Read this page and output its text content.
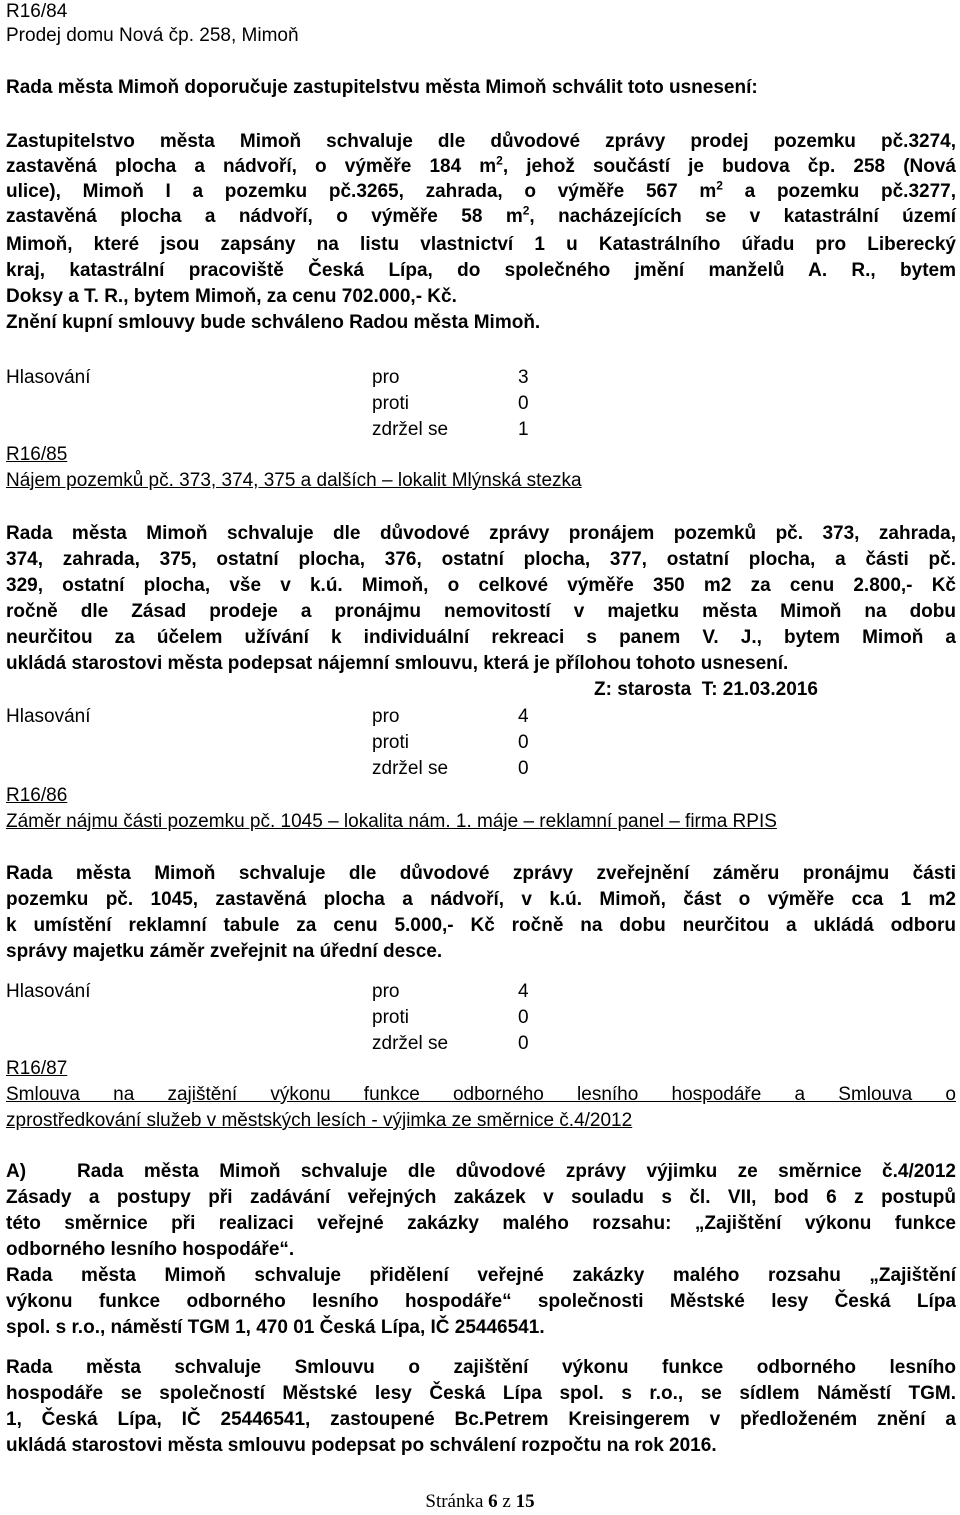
R16/84
Prodej domu Nová čp. 258, Mimoň
Rada města Mimoň doporučuje zastupitelstvu města Mimoň schválit toto usnesení:
Zastupitelstvo města Mimoň schvaluje dle důvodové zprávy prodej pozemku pč.3274,
zastavěná plocha a nádvoří, o výměře 184 $m^2$, jehož součástí je budova čp. 258 (Nová
ulice), Mimoň I a pozemku pč.3265, zahrada, o výměře 567 $m^2$ a pozemku pč.3277,
zastavěná plocha a nádvoří, o výměře 58 $m^2$, nacházejících se v katastrální území
Mimoň, které jsou zapsány na listu vlastnictví 1 u Katastrálního úřadu pro Liberecký
kraj, katastrální pracoviště Česká Lípa, do společného jmění manželů A. R., bytem
Doksy a T. R., bytem Mimoň, za cenu 702.000,- Kč.
Znění kupní smlouvy bude schváleno Radou města Mimoň.
Hlasování	pro	3
proti	0
zdržel se	1
R16/85
Nájem pozemků pč. 373, 374, 375 a dalších – lokalit Mlýnská stezka
Rada města Mimoň schvaluje dle důvodové zprávy pronájem pozemků pč. 373, zahrada,
374, zahrada, 375, ostatní plocha, 376, ostatní plocha, 377, ostatní plocha, a části pč.
329, ostatní plocha, vše v k.ú. Mimoň, o celkové výměře 350 m2 za cenu 2.800,- Kč
ročně dle Zásad prodeje a pronájmu nemovitostí v majetku města Mimoň na dobu
neurčitou za účelem užívání k individuální rekreaci s panem V. J., bytem Mimoň a
ukládá starostovi města podepsat nájemní smlouvu, která je přílohou tohoto usnesení.
Z: starosta  T: 21.03.2016
Hlasování	pro	4
proti	0
zdržel se	0
R16/86
Záměr nájmu části pozemku pč. 1045 – lokalita nám. 1. máje – reklamní panel – firma RPIS
Rada města Mimoň schvaluje dle důvodové zprávy zveřejnění záměru pronájmu části
pozemku pč. 1045, zastavěná plocha a nádvoří, v k.ú. Mimoň, část o výměře cca 1 m2
k umístění reklamní tabule za cenu 5.000,- Kč ročně na dobu neurčitou a ukládá odboru
správy majetku záměr zveřejnit na úřední desce.
Hlasování	pro	4
proti	0
zdržel se	0
R16/87
Smlouva na zajištění výkonu funkce odborného lesního hospodáře a Smlouva o
zprostředkování služeb v městských lesích - výjimka ze směrnice č.4/2012
A)	Rada města Mimoň schvaluje dle důvodové zprávy výjimku ze směrnice č.4/2012
Zásady a postupy při zadávání veřejných zakázek v souladu s čl. VII, bod 6 z postupů
této směrnice při realizaci veřejné zakázky malého rozsahu: „Zajištění výkonu funkce
odborného lesního hospodáře“.
Rada města Mimoň schvaluje přidělení veřejné zakázky malého rozsahu „Zajištění
výkonu funkce odborného lesního hospodáře“ společnosti Městské lesy Česká Lípa
spol. s r.o., náměstí TGM 1, 470 01 Česká Lípa, IČ 25446541.
Rada města schvaluje Smlouvu o zajištění výkonu funkce odborného lesního
hospodáře se společností Městské lesy Česká Lípa spol. s r.o., se sídlem Náměstí TGM.
1, Česká Lípa, IČ 25446541, zastoupené Bc.Petrem Kreisingerem v předloženém znění a
ukládá starostovi města smlouvu podepsat po schválení rozpočtu na rok 2016.
Stránka 6 z 15
